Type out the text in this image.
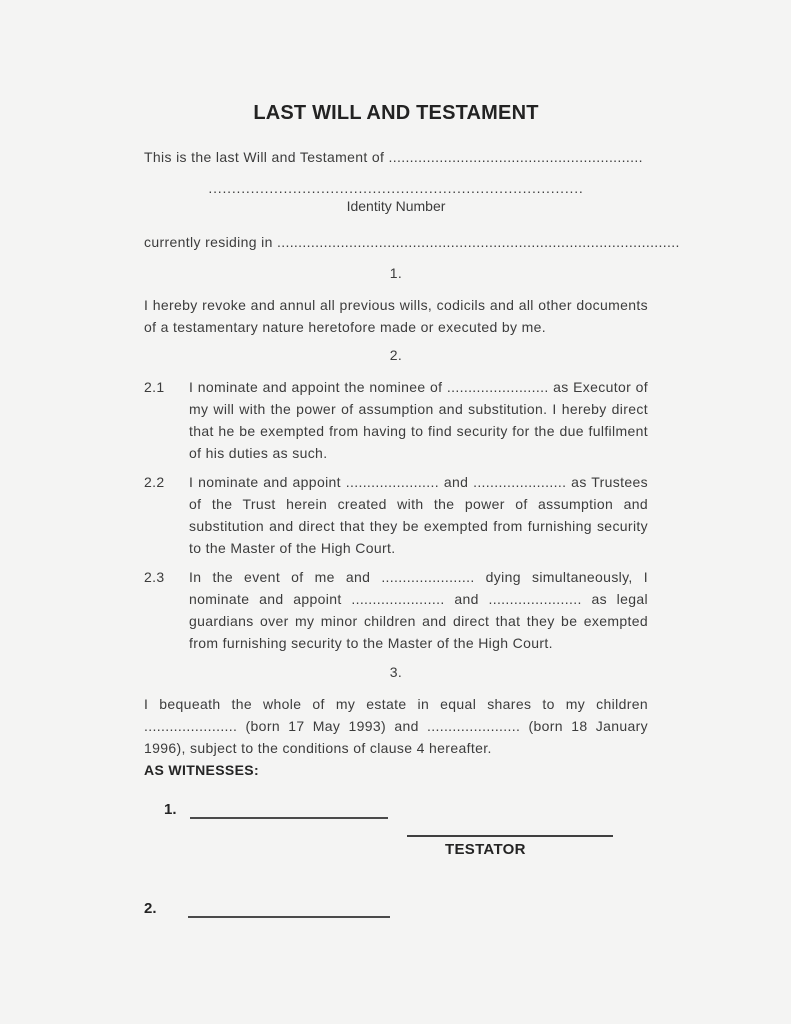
LAST WILL AND TESTAMENT

This is the last Will and Testament of ............................................................

................................................................................
Identity Number

currently residing in ...............................................................................................

1.

I hereby revoke and annul all previous wills, codicils and all other documents of a testamentary nature heretofore made or executed by me.

2.
2.1	I nominate and appoint the nominee of ........................ as Executor of my will with the power of assumption and substitution. I hereby direct that he be exempted from having to find security for the due fulfilment of his duties as such.

2.2	I nominate and appoint ...................... and ...................... as Trustees of the Trust herein created with the power of assumption and substitution and direct that they be exempted from furnishing security to the Master of the High Court.

2.3	In the event of me and ...................... dying simultaneously, I nominate and appoint ...................... and ...................... as legal guardians over my minor children and direct that they be exempted from furnishing security to the Master of the High Court.

3.

I bequeath the whole of my estate in equal shares to my children ...................... (born 17 May 1993) and ...................... (born 18 January 1996), subject to the conditions of clause 4 hereafter.

AS WITNESSES:

1.
TESTATOR
2.
